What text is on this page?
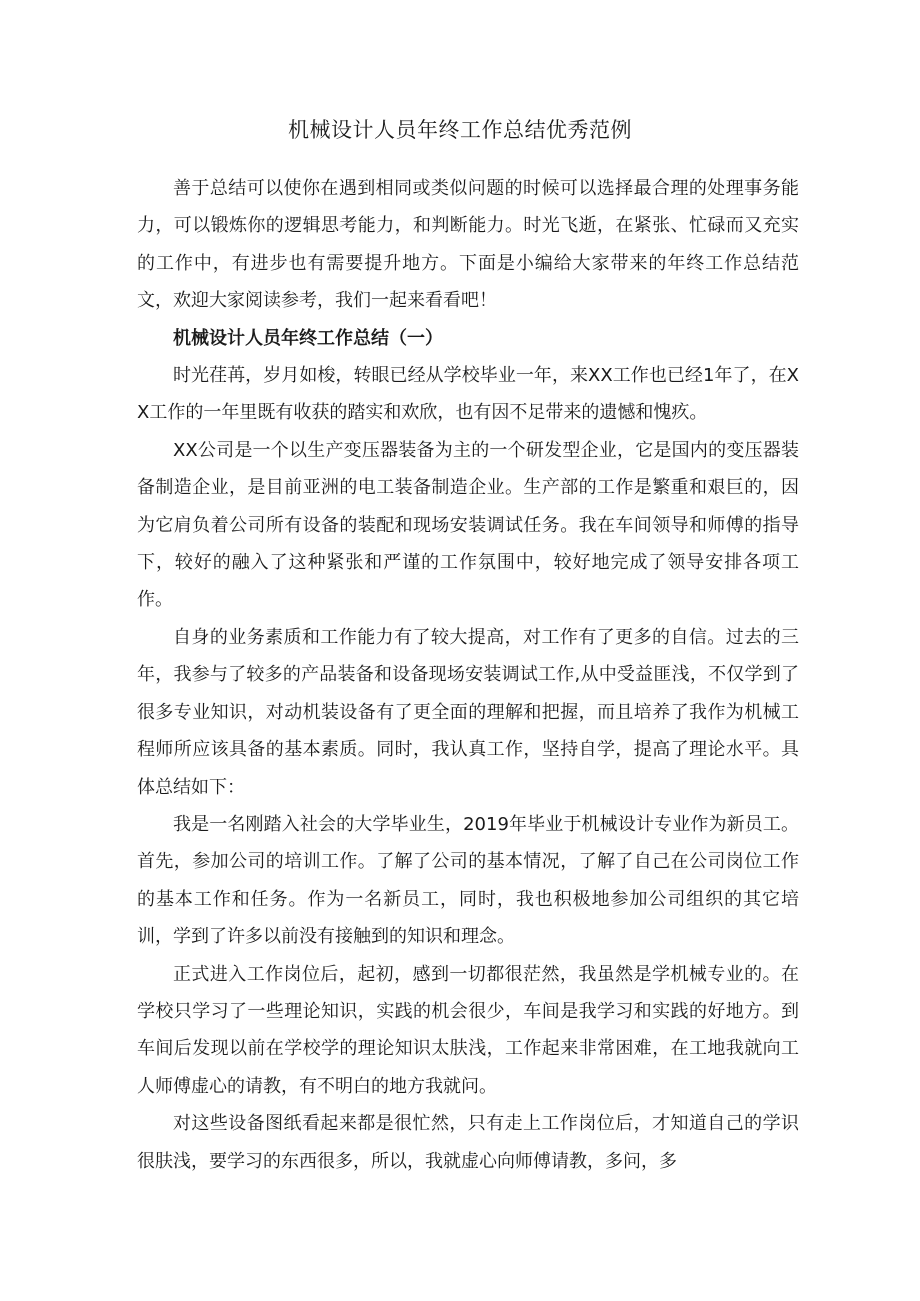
机械设计人员年终工作总结优秀范例

善于总结可以使你在遇到相同或类似问题的时候可以选择最合理的处理事务能力，可以锻炼你的逻辑思考能力，和判断能力。时光飞逝，在紧张、忙碌而又充实的工作中，有进步也有需要提升地方。下面是小编给大家带来的年终工作总结范文，欢迎大家阅读参考，我们一起来看看吧！

机械设计人员年终工作总结（一）

时光荏苒，岁月如梭，转眼已经从学校毕业一年，来XX工作也已经1年了，在XX工作的一年里既有收获的踏实和欢欣，也有因不足带来的遗憾和愧疚。

XX公司是一个以生产变压器装备为主的一个研发型企业，它是国内的变压器装备制造企业，是目前亚洲的电工装备制造企业。生产部的工作是繁重和艰巨的，因为它肩负着公司所有设备的装配和现场安装调试任务。我在车间领导和师傅的指导下，较好的融入了这种紧张和严谨的工作氛围中，较好地完成了领导安排各项工作。

自身的业务素质和工作能力有了较大提高，对工作有了更多的自信。过去的三年，我参与了较多的产品装备和设备现场安装调试工作,从中受益匪浅，不仅学到了很多专业知识，对动机装设备有了更全面的理解和把握，而且培养了我作为机械工程师所应该具备的基本素质。同时，我认真工作，坚持自学，提高了理论水平。具体总结如下：

我是一名刚踏入社会的大学毕业生，2019年毕业于机械设计专业作为新员工。首先，参加公司的培训工作。了解了公司的基本情况，了解了自己在公司岗位工作的基本工作和任务。作为一名新员工，同时，我也积极地参加公司组织的其它培训，学到了许多以前没有接触到的知识和理念。

正式进入工作岗位后，起初，感到一切都很茫然，我虽然是学机械专业的。在学校只学习了一些理论知识，实践的机会很少，车间是我学习和实践的好地方。到车间后发现以前在学校学的理论知识太肤浅，工作起来非常困难，在工地我就向工人师傅虚心的请教，有不明白的地方我就问。

对这些设备图纸看起来都是很忙然，只有走上工作岗位后，才知道自己的学识很肤浅，要学习的东西很多，所以，我就虚心向师傅请教，多问，多
